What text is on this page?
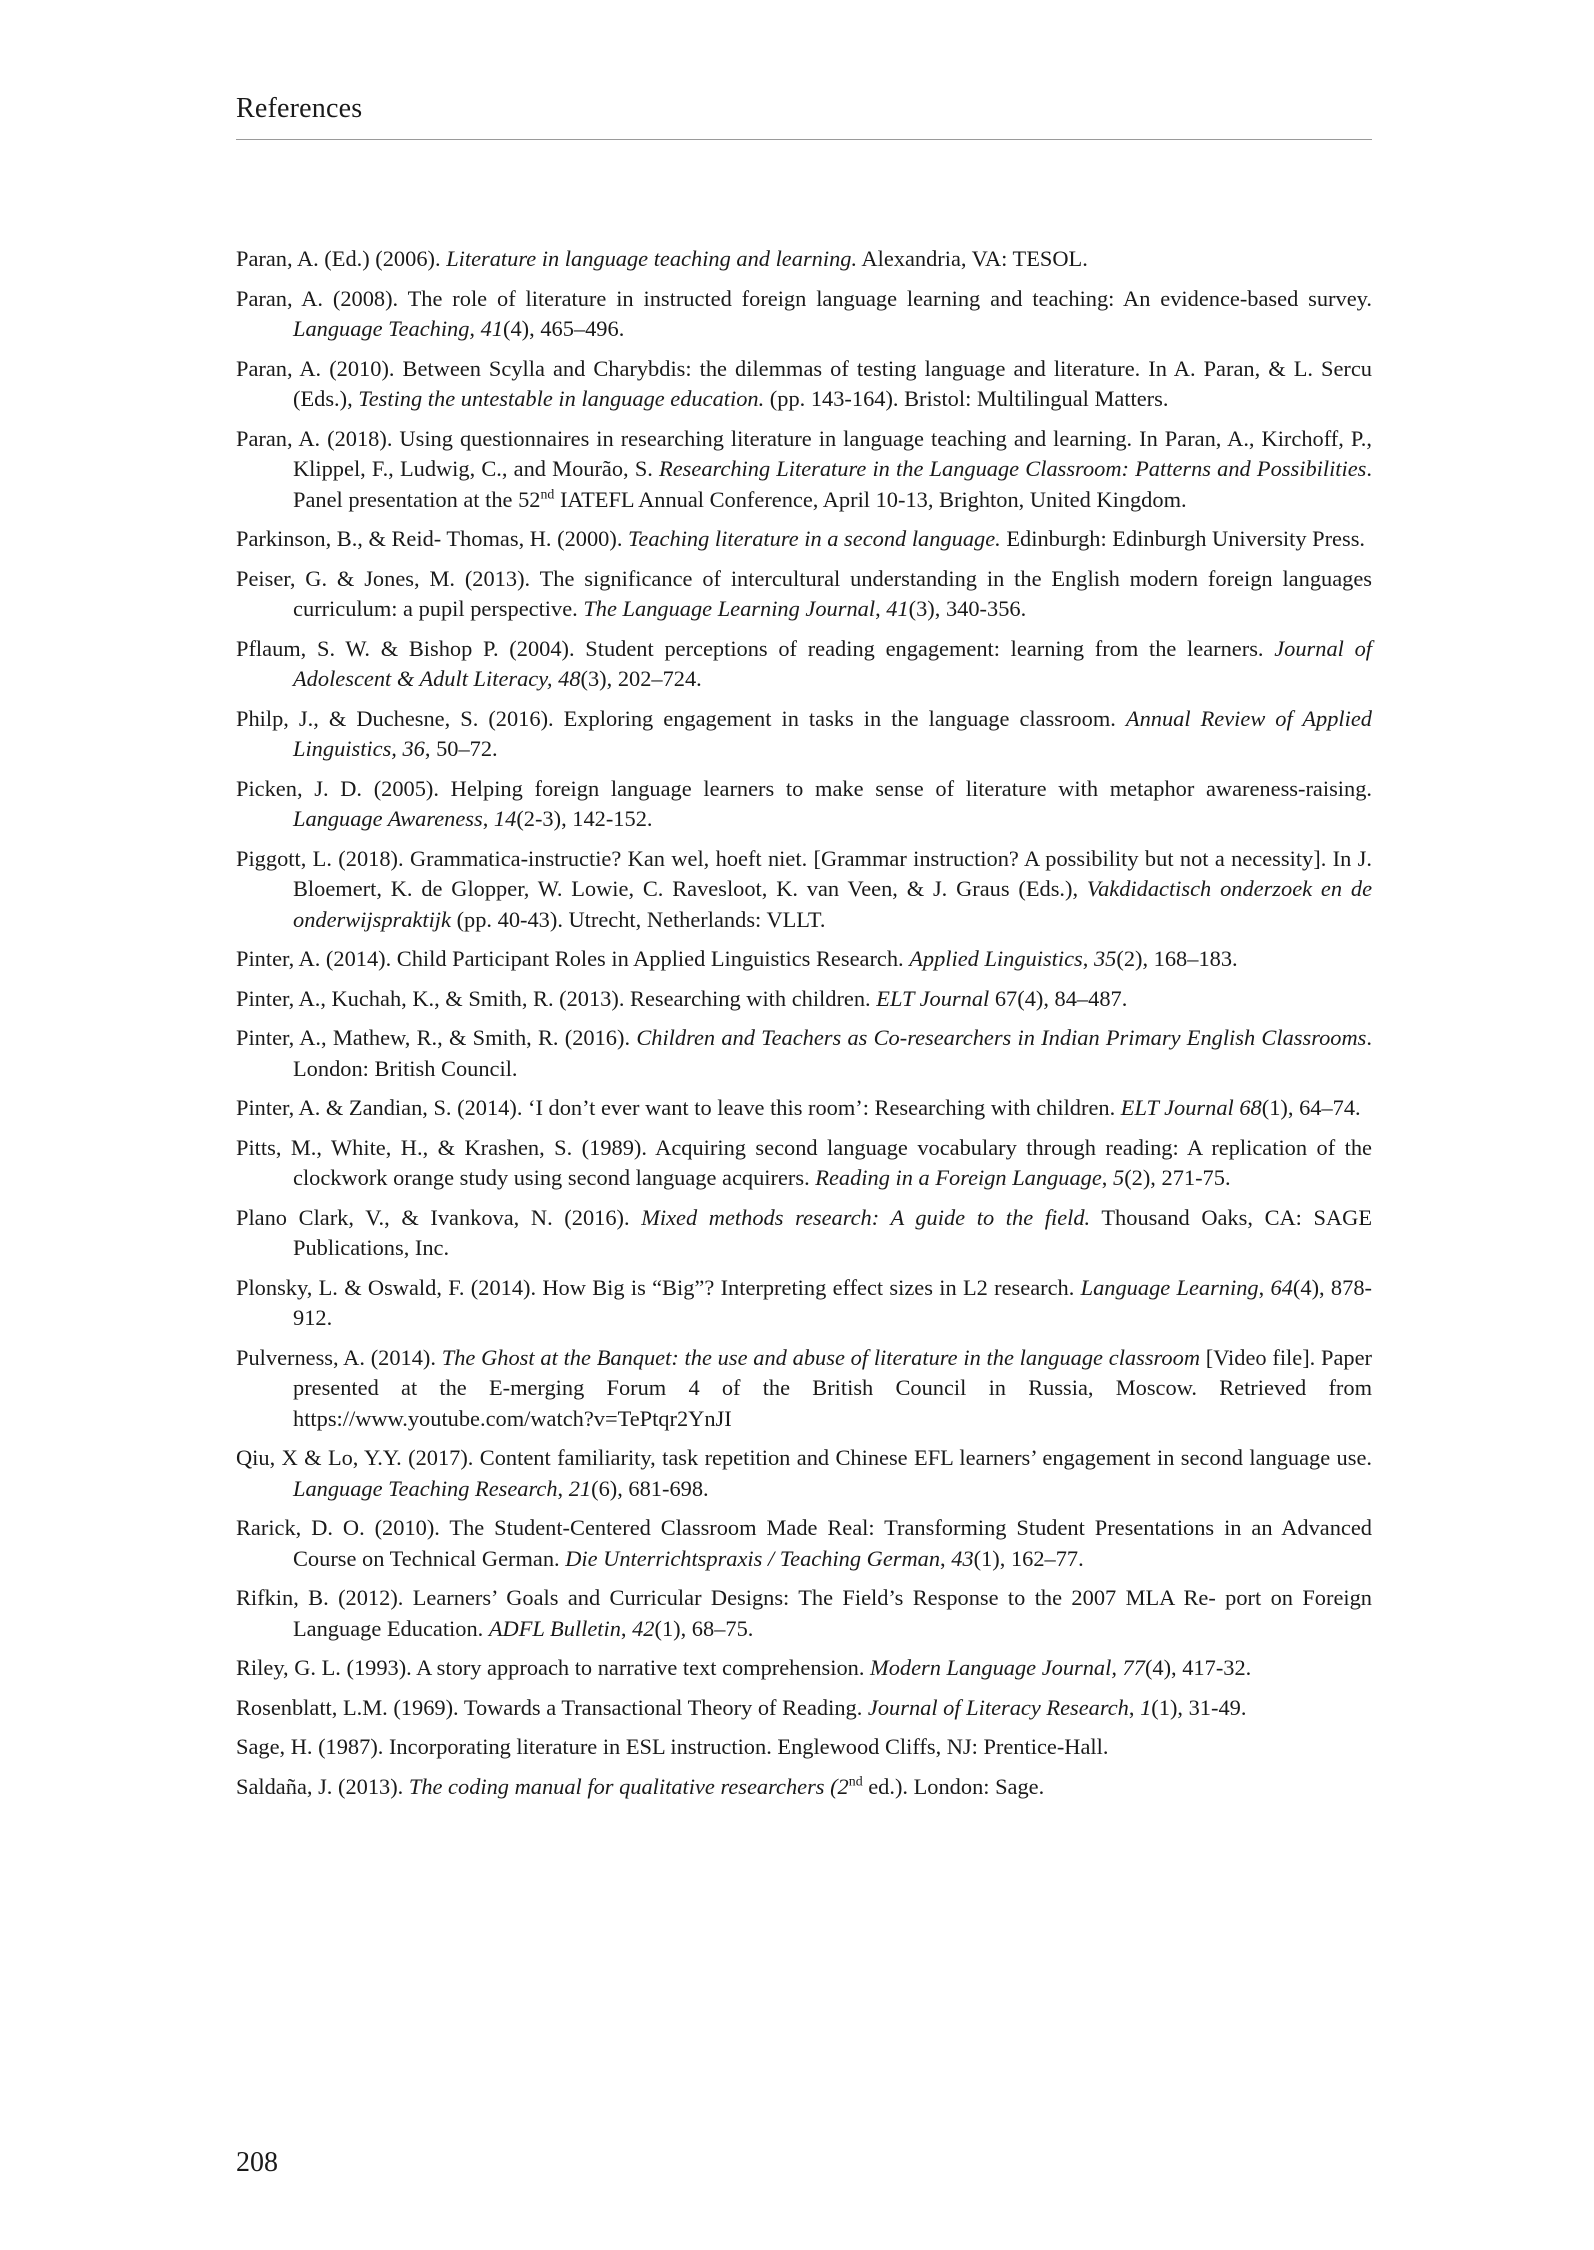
References

Paran, A. (Ed.) (2006). Literature in language teaching and learning. Alexandria, VA: TESOL.

Paran, A. (2008). The role of literature in instructed foreign language learning and teaching: An evidence-based survey. Language Teaching, 41(4), 465–496.

Paran, A. (2010). Between Scylla and Charybdis: the dilemmas of testing language and literature. In A. Paran, & L. Sercu (Eds.), Testing the untestable in language education. (pp. 143-164). Bristol: Multilingual Matters.

Paran, A. (2018). Using questionnaires in researching literature in language teaching and learning. In Paran, A., Kirchoff, P., Klippel, F., Ludwig, C., and Mourão, S. Researching Literature in the Language Classroom: Patterns and Possibilities. Panel presentation at the 52nd IATEFL Annual Conference, April 10-13, Brighton, United Kingdom.

Parkinson, B., & Reid- Thomas, H. (2000). Teaching literature in a second language. Edinburgh: Edinburgh University Press.

Peiser, G. & Jones, M. (2013). The significance of intercultural understanding in the English modern foreign languages curriculum: a pupil perspective. The Language Learning Journal, 41(3), 340-356.

Pflaum, S. W. & Bishop P. (2004). Student perceptions of reading engagement: learning from the learners. Journal of Adolescent & Adult Literacy, 48(3), 202–724.

Philp, J., & Duchesne, S. (2016). Exploring engagement in tasks in the language classroom. Annual Review of Applied Linguistics, 36, 50–72.

Picken, J. D. (2005). Helping foreign language learners to make sense of literature with metaphor awareness-raising. Language Awareness, 14(2-3), 142-152.

Piggott, L. (2018). Grammatica-instructie? Kan wel, hoeft niet. [Grammar instruction? A possibility but not a necessity]. In J. Bloemert, K. de Glopper, W. Lowie, C. Ravesloot, K. van Veen, & J. Graus (Eds.), Vakdidactisch onderzoek en de onderwijspraktijk (pp. 40-43). Utrecht, Netherlands: VLLT.

Pinter, A. (2014). Child Participant Roles in Applied Linguistics Research. Applied Linguistics, 35(2), 168–183.

Pinter, A., Kuchah, K., & Smith, R. (2013). Researching with children. ELT Journal 67(4), 84–487.

Pinter, A., Mathew, R., & Smith, R. (2016). Children and Teachers as Co-researchers in Indian Primary English Classrooms. London: British Council.

Pinter, A. & Zandian, S. (2014). ‘I don’t ever want to leave this room’: Researching with children. ELT Journal 68(1), 64–74.

Pitts, M., White, H., & Krashen, S. (1989). Acquiring second language vocabulary through reading: A replication of the clockwork orange study using second language acquirers. Reading in a Foreign Language, 5(2), 271-75.

Plano Clark, V., & Ivankova, N. (2016). Mixed methods research: A guide to the field. Thousand Oaks, CA: SAGE Publications, Inc.

Plonsky, L. & Oswald, F. (2014). How Big is “Big”? Interpreting effect sizes in L2 research. Language Learning, 64(4), 878-912.

Pulverness, A. (2014). The Ghost at the Banquet: the use and abuse of literature in the language classroom [Video file]. Paper presented at the E-merging Forum 4 of the British Council in Russia, Moscow. Retrieved from https://www.youtube.com/watch?v=TePtqr2YnJI

Qiu, X & Lo, Y.Y. (2017). Content familiarity, task repetition and Chinese EFL learners’ engagement in second language use. Language Teaching Research, 21(6), 681-698.

Rarick, D. O. (2010). The Student-Centered Classroom Made Real: Transforming Student Presentations in an Advanced Course on Technical German. Die Unterrichtspraxis / Teaching German, 43(1), 162–77.

Rifkin, B. (2012). Learners’ Goals and Curricular Designs: The Field’s Response to the 2007 MLA Re- port on Foreign Language Education. ADFL Bulletin, 42(1), 68–75.

Riley, G. L. (1993). A story approach to narrative text comprehension. Modern Language Journal, 77(4), 417-32.

Rosenblatt, L.M. (1969). Towards a Transactional Theory of Reading. Journal of Literacy Research, 1(1), 31-49.

Sage, H. (1987). Incorporating literature in ESL instruction. Englewood Cliffs, NJ: Prentice-Hall.

Saldaña, J. (2013). The coding manual for qualitative researchers (2nd ed.). London: Sage.

208
